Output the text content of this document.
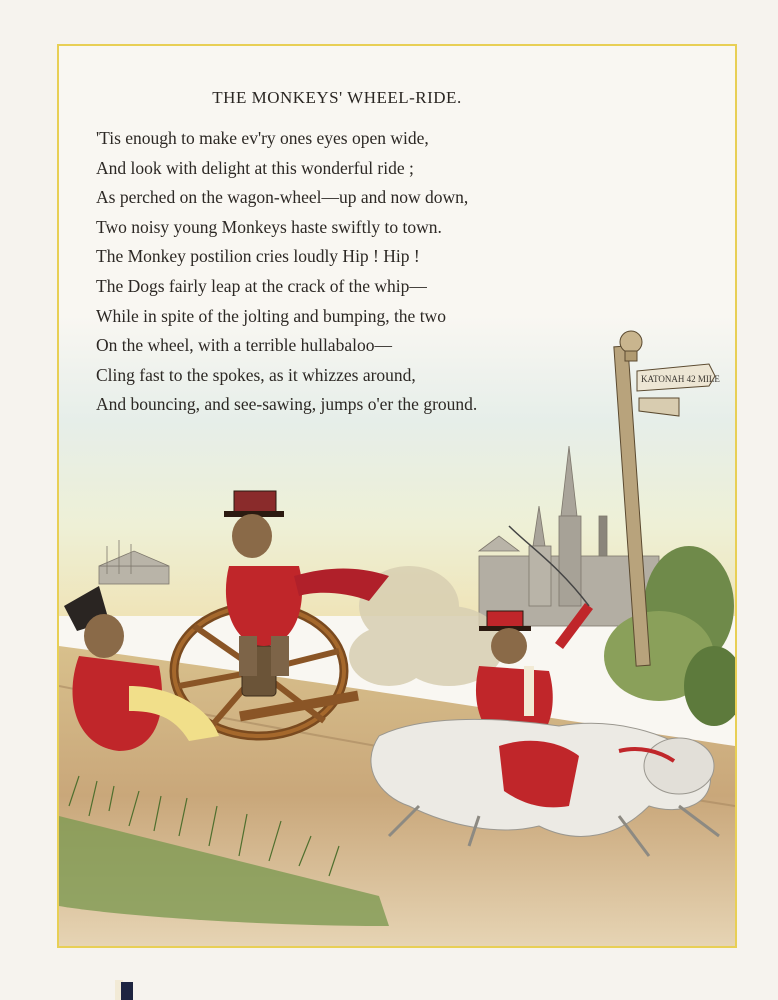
KATONAH 42 MILE
THE MONKEYS' WHEEL-RIDE.
'Tis enough to make ev'ry ones eyes open wide,
And look with delight at this wonderful ride ;
As perched on the wagon-wheel—up and now down,
Two noisy young Monkeys haste swiftly to town.
The Monkey postilion cries loudly Hip ! Hip !
The Dogs fairly leap at the crack of the whip—
While in spite of the jolting and bumping, the two
On the wheel, with a terrible hullabaloo—
Cling fast to the spokes, as it whizzes around,
And bouncing, and see-sawing, jumps o'er the ground.
